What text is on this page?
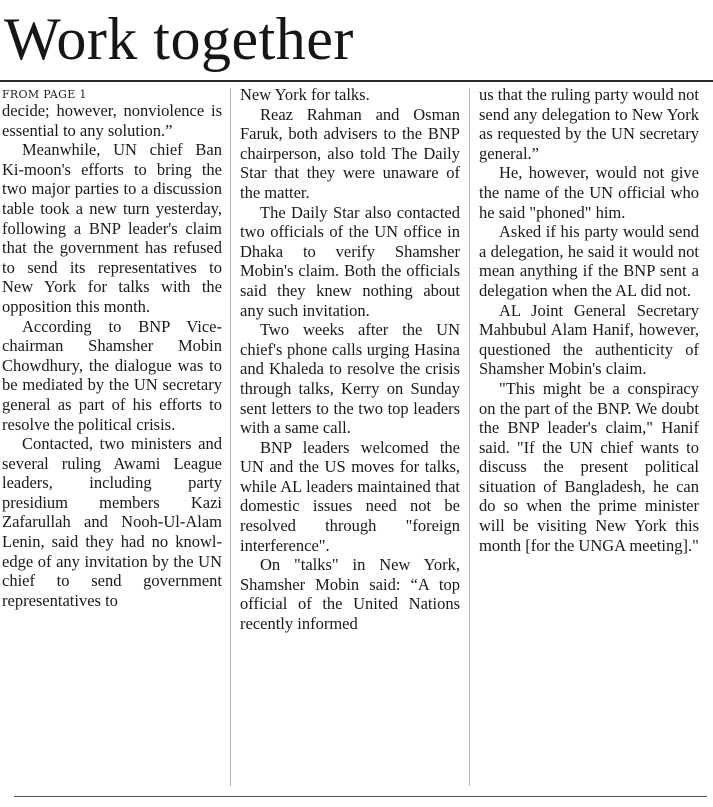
Work together
FROM PAGE 1

decide; however, nonviolence is essential to any solution.”

Meanwhile, UN chief Ban Ki-moon's efforts to bring the two major parties to a discussion table took a new turn yesterday, following a BNP leader's claim that the government has refused to send its representatives to New York for talks with the opposition this month.

According to BNP Vicechairman Shamsher Mobin Chowdhury, the dialogue was to be mediated by the UN secretary general as part of his efforts to resolve the political crisis.

Contacted, two ministers and several ruling Awami League leaders, including party presidium members Kazi Zafarullah and Nooh-Ul-Alam Lenin, said they had no knowledge of any invitation by the UN chief to send government representatives to

New York for talks.

Reaz Rahman and Osman Faruk, both advisers to the BNP chairperson, also told The Daily Star that they were unaware of the matter.

The Daily Star also contacted two officials of the UN office in Dhaka to verify Shamsher Mobin's claim. Both the officials said they knew nothing about any such invitation.

Two weeks after the UN chief's phone calls urging Hasina and Khaleda to resolve the crisis through talks, Kerry on Sunday sent letters to the two top leaders with a same call.

BNP leaders welcomed the UN and the US moves for talks, while AL leaders maintained that domestic issues need not be resolved through "foreign interference".

On "talks" in New York, Shamsher Mobin said: “A top official of the United Nations recently informed

us that the ruling party would not send any delegation to New York as requested by the UN secretary general.”

He, however, would not give the name of the UN official who he said "phoned" him.

Asked if his party would send a delegation, he said it would not mean anything if the BNP sent a delegation when the AL did not.

AL Joint General Secretary Mahbubul Alam Hanif, however, questioned the authenticity of Shamsher Mobin's claim.

"This might be a conspiracy on the part of the BNP. We doubt the BNP leader's claim," Hanif said. "If the UN chief wants to discuss the present political situation of Bangladesh, he can do so when the prime minister will be visiting New York this month [for the UNGA meeting]."
